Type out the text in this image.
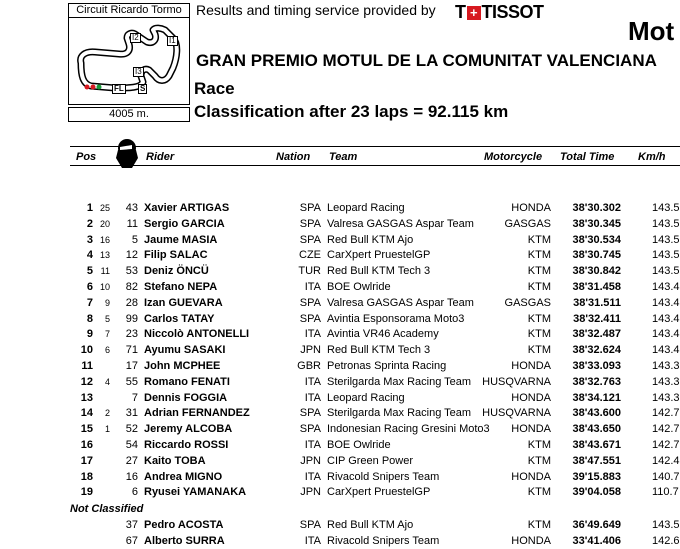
Circuit Ricardo Tormo	Results and timing service provided by T + TISSOT
Mot
I2	I1
I3
FL S
4005 m.
GRAN PREMIO MOTUL DE LA COMUNITAT VALENCIANA
Race
Classification after 23 laps = 92.115 km
Pos	Rider	Nation Team	Motorcycle Total Time Km/h
1 25 43 Xavier ARTIGAS	SPA Leopard Racing	HONDA 38'30.302	143.5
2 20 11 Sergio GARCIA	SPA Valresa GASGAS Aspar Team	GASGAS 38'30.345	143.5
3 16 5 Jaume MASIA	SPA Red Bull KTM Ajo	KTM 38'30.534	143.5
4 13 12 Filip SALAC	CZE CarXpert PruestelGP	KTM 38'30.745	143.5
5 11 53 Deniz ÖNCÜ	TUR Red Bull KTM Tech 3	KTM 38'30.842	143.5
6 10 82 Stefano NEPA	ITA BOE Owlride	KTM 38'31.458	143.4
7 9 28 Izan GUEVARA	SPA Valresa GASGAS Aspar Team	GASGAS 38'31.511	143.4
8 5 99 Carlos TATAY	SPA Avintia Esponsorama Moto3	KTM 38'32.411	143.4
9 7 23 Niccolò ANTONELLI	ITA Avintia VR46 Academy	KTM 38'32.487	143.4
10 6 71 Ayumu SASAKI	JPN Red Bull KTM Tech 3	KTM 38'32.624	143.4
11	17 John MCPHEE	GBR Petronas Sprinta Racing	HONDA 38'33.093	143.3
12 4 55 Romano FENATI	ITA Sterilgarda Max Racing Team HUSQVARNA 38'32.763	143.3
13	7 Dennis FOGGIA	ITA Leopard Racing	HONDA 38'34.121	143.3
14 2 31 Adrian FERNANDEZ	SPA Sterilgarda Max Racing Team HUSQVARNA 38'43.600	142.7
15 1 52 Jeremy ALCOBA	SPA Indonesian Racing Gresini Moto3 HONDA 38'43.650	142.7
16	54 Riccardo ROSSI	ITA BOE Owlride	KTM 38'43.671	142.7
17	27 Kaito TOBA	JPN CIP Green Power	KTM 38'47.551	142.4
18	16 Andrea MIGNO	ITA Rivacold Snipers Team	HONDA 39'15.883	140.7
19	6 Ryusei YAMANAKA	JPN CarXpert PruestelGP	KTM 39'04.058	110.7
Not Classified
37 Pedro ACOSTA	SPA Red Bull KTM Ajo	KTM 36'49.649	143.5
67 Alberto SURRA	ITA Rivacold Snipers Team	HONDA 33'41.406	142.6
